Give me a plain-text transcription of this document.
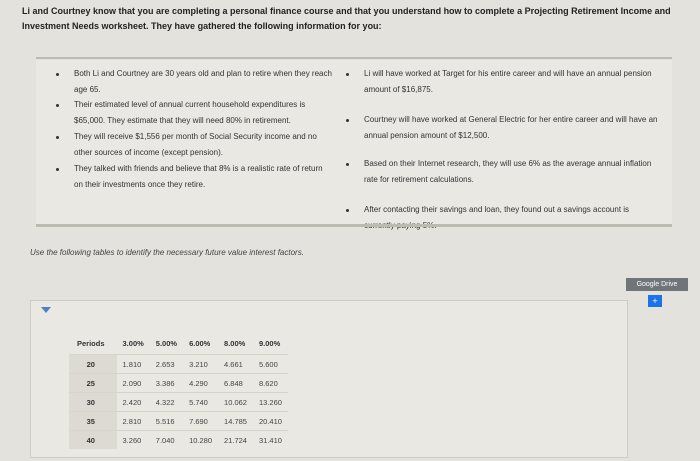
Li and Courtney know that you are completing a personal finance course and that you understand how to complete a Projecting Retirement Income and Investment Needs worksheet. They have gathered the following information for you:
Both Li and Courtney are 30 years old and plan to retire when they reach age 65.
Their estimated level of annual current household expenditures is $65,000. They estimate that they will need 80% in retirement.
They will receive $1,556 per month of Social Security income and no other sources of income (except pension).
They talked with friends and believe that 8% is a realistic rate of return on their investments once they retire.
Li will have worked at Target for his entire career and will have an annual pension amount of $16,875.
Courtney will have worked at General Electric for her entire career and will have an annual pension amount of $12,500.
Based on their Internet research, they will use 6% as the average annual inflation rate for retirement calculations.
After contacting their savings and loan, they found out a savings account is
Use the following tables to identify the necessary future value interest factors.
Google Drive
+
Periods	3.00%	5.00%	6.00%	8.00%	9.00%
20	1.810	2.653	3.210	4.661	5.600
25	2.090	3.386	4.290	6.848	8.620
30	2.420	4.322	5.740	10.062	13.260
35	2.810	5.516	7.690	14.785	20.410
40	3.260	7.040	10.280	21.724	31.410
